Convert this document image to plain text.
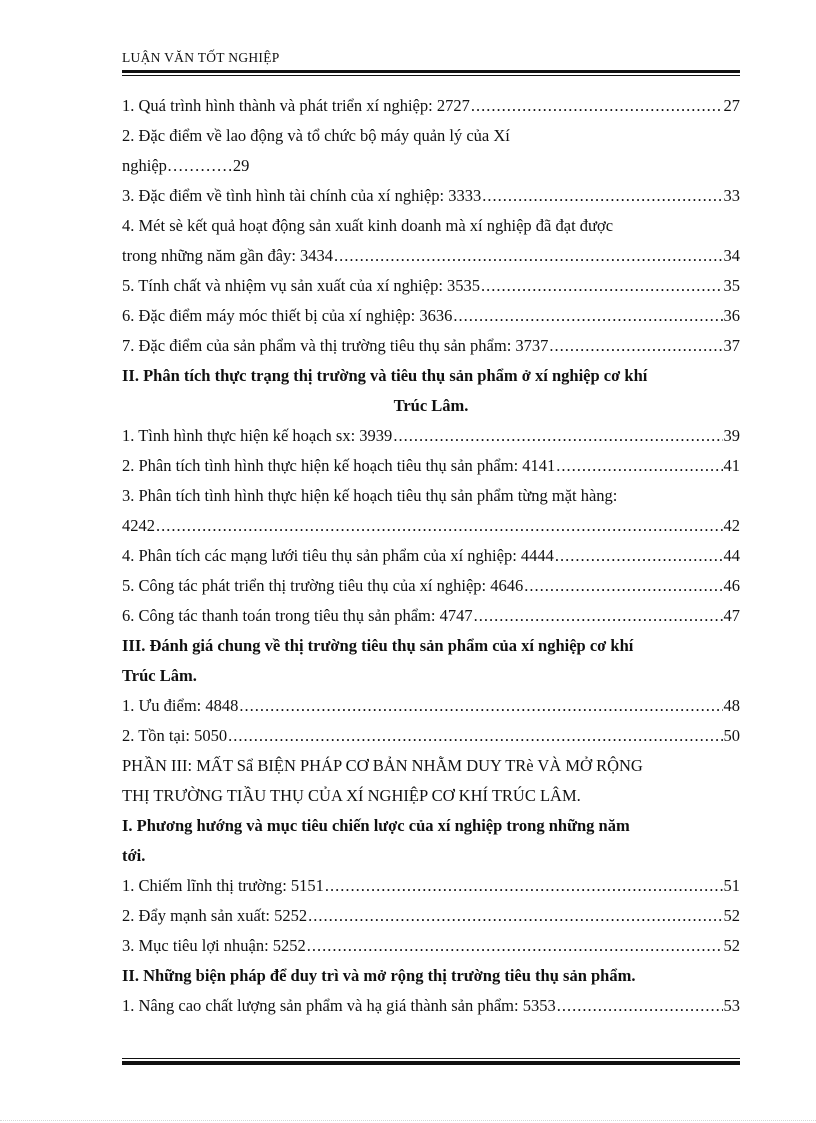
LUẬN VĂN TỐT NGHIỆP
1. Quá trình hình thành và phát triển xí nghiệp: 2727 .....	27
2. Đặc điểm về lao động và tổ chức bộ máy quản lý của Xí
nghiệp…………29
3. Đặc điểm về tình hình tài chính của xí nghiệp: 3333 .....	33
4. Mét sè kết quả hoạt động sản xuất kinh doanh mà xí nghiệp đã đạt được
trong những năm gần đây: 3434 .....	34
5. Tính chất và nhiệm vụ sản xuất của xí nghiệp: 3535 .....	35
6. Đặc điểm máy móc thiết bị của xí nghiệp: 3636 .....	36
7. Đặc điểm của sản phẩm và thị trường tiêu thụ sản phẩm: 3737 .....	37
II. Phân tích thực trạng thị trường và tiêu thụ sản phẩm ở xí nghiệp cơ khí
Trúc Lâm.
1. Tình hình thực hiện kế hoạch sx: 3939 .....	39
2. Phân tích tình hình thực hiện kế hoạch tiêu thụ sản phẩm: 4141 .....	41
3. Phân tích tình hình thực hiện kế hoạch tiêu thụ sản phẩm từng mặt hàng:
4242 .....	42
4. Phân tích các mạng lưới tiêu thụ sản phẩm của xí nghiệp: 4444 .....	44
5. Công tác phát triển thị trường tiêu thụ của xí nghiệp: 4646 .....	46
6. Công tác thanh toán trong tiêu thụ sản phẩm: 4747 .....	47
III. Đánh giá chung về thị trường tiêu thụ sản phẩm của xí nghiệp cơ khí
Trúc Lâm.
1. Ưu điểm: 4848 .....	48
2. Tồn tại: 5050 .....	50
PHẦN III: MẤT Sẩ BIỆN PHÁP CƠ BẢN NHẰM DUY TRè VÀ MỞ RỘNG
THỊ TRƯỜNG TIẦU THỤ CỦA XÍ NGHIỆP CƠ KHÍ TRÚC LÂM.
I. Phương hướng và mục tiêu chiến lược của xí nghiệp trong những năm
tới.
1. Chiếm lĩnh thị trường: 5151 .....	51
2. Đẩy mạnh sản xuất: 5252 .....	52
3. Mục tiêu lợi nhuận: 5252 .....	52
II. Những biện pháp để duy trì và mở rộng thị trường tiêu thụ sản phẩm.
1. Nâng cao chất lượng sản phẩm và hạ giá thành sản phẩm: 5353 .....	53
